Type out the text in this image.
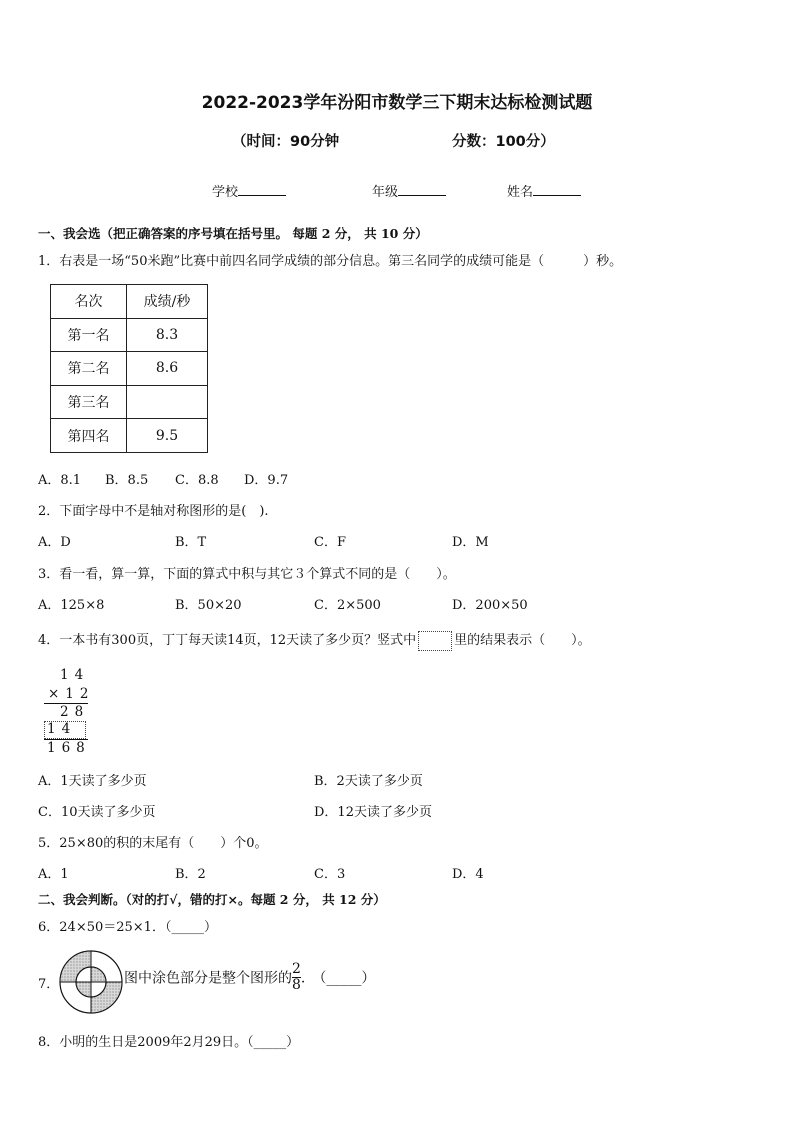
2022-2023学年汾阳市数学三下期末达标检测试题
（时间：90分钟	分数：100分）
学校	年级	姓名
一、我会选（把正确答案的序号填在括号里。 每题 2 分， 共 10 分）
1．右表是一场“50米跑”比赛中前四名同学成绩的部分信息。第三名同学的成绩可能是（　　　）秒。
名次	成绩/秒
第一名	8.3
第二名	8.6
第三名	
第四名	9.5
A．8.1 B．8.5 C．8.8 D．9.7
2．下面字母中不是轴对称图形的是(　).
A．D	B．T	C．F	D．M
3．看一看，算一算，下面的算式中积与其它３个算式不同的是（　　）。
A．125×8	B．50×20	C．2×500	D．200×50
4．一本书有300页，丁丁每天读14页，12天读了多少页？竖式中	里的结果表示（　　）。
14
×12
28
14
168
A．1天读了多少页	B．2天读了多少页
C．10天读了多少页	D．12天读了多少页
5．25×80的积的末尾有（　　）个0。
A．1	B．2	C．3	D．4
二、我会判断。（对的打√，错的打×。每题 2 分， 共 12 分）
6．24×50＝25×1．（_____）
7．	图中涂色部分是整个图形的 $\frac{2}{8}$ .　（_____）
8．小明的生日是2009年2月29日。（_____）
